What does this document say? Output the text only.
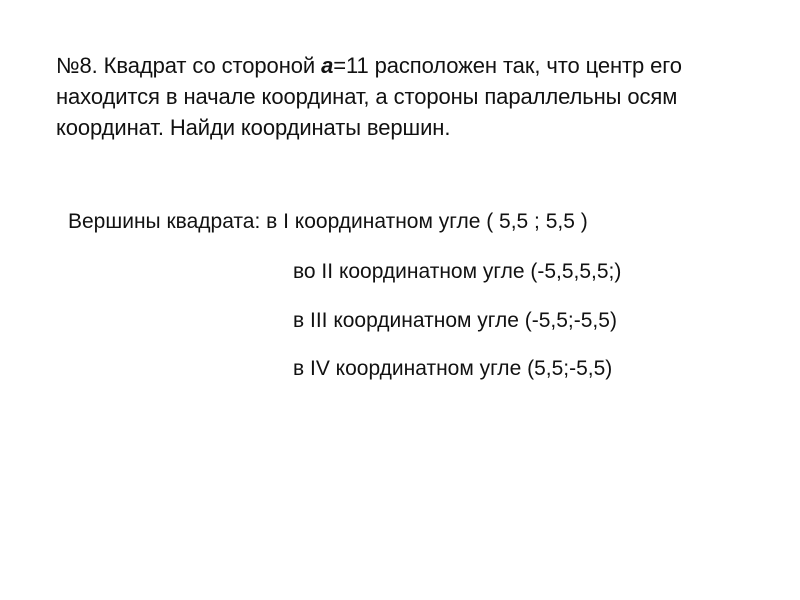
№8. Квадрат со стороной a=11 расположен так, что центр его
находится в начале координат, а стороны параллельны осям
координат. Найди координаты вершин.
Вершины квадрата: в I координатном угле ( 5,5 ; 5,5 )
во II координатном угле (-5,5,5,5;)
в III координатном угле (-5,5;-5,5)
в IV координатном угле (5,5;-5,5)
